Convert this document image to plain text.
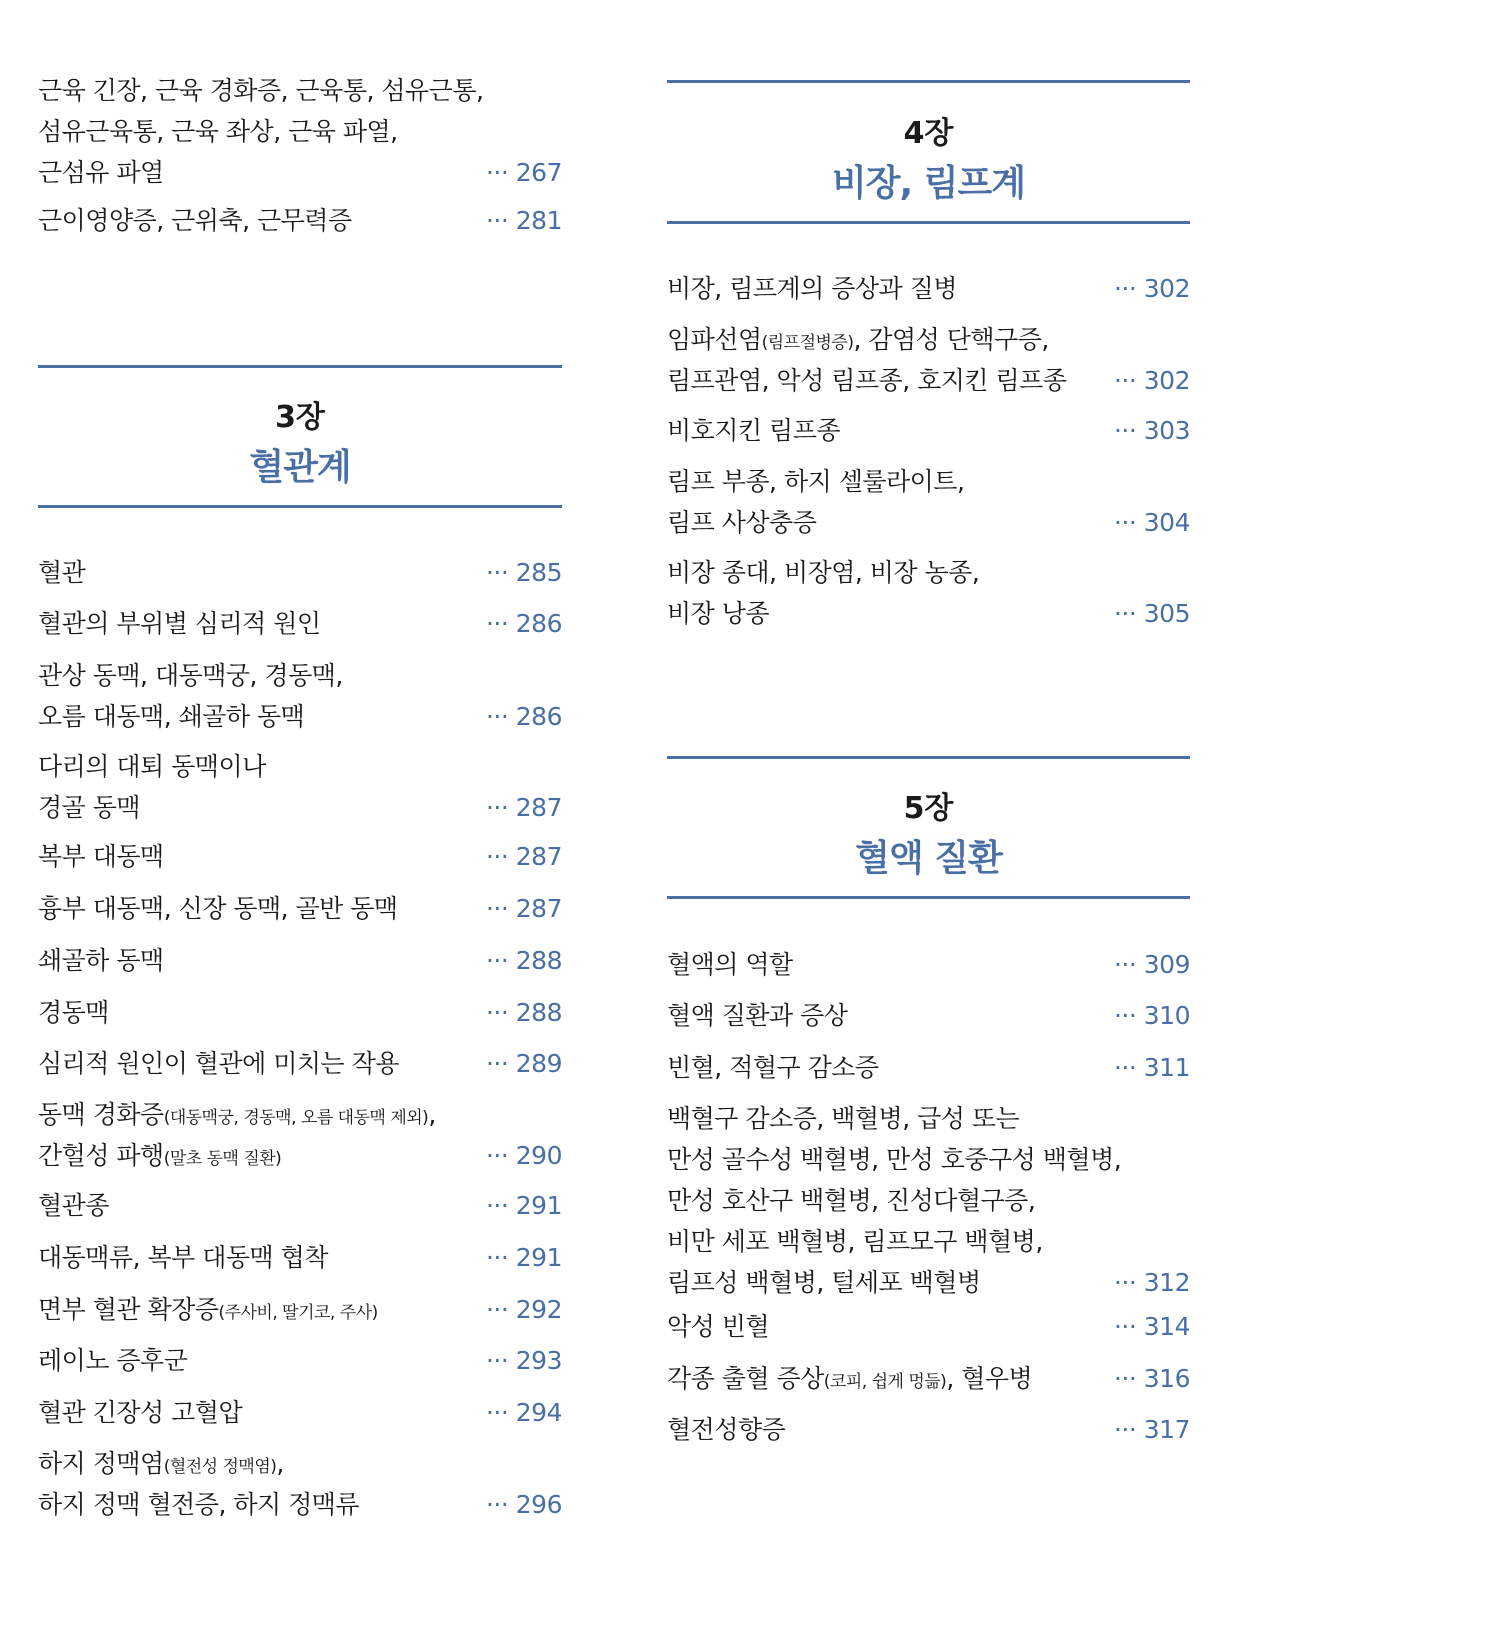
근육 긴장, 근육 경화증, 근육통, 섬유근통,
섬유근육통, 근육 좌상, 근육 파열,
근섬유 파열	··· 267
근이영양증, 근위축, 근무력증	··· 281
3장
혈관계
혈관	··· 285
혈관의 부위별 심리적 원인	··· 286
관상 동맥, 대동맥궁, 경동맥,
오름 대동맥, 쇄골하 동맥	··· 286
다리의 대퇴 동맥이나
경골 동맥	··· 287
복부 대동맥	··· 287
흉부 대동맥, 신장 동맥, 골반 동맥	··· 287
쇄골하 동맥	··· 288
경동맥	··· 288
심리적 원인이 혈관에 미치는 작용	··· 289
동맥 경화증(대동맥궁, 경동맥, 오름 대동맥 제외),
간헐성 파행(말초 동맥 질환)	··· 290
혈관종	··· 291
대동맥류, 복부 대동맥 협착	··· 291
면부 혈관 확장증(주사비, 딸기코, 주사)	··· 292
레이노 증후군	··· 293
혈관 긴장성 고혈압	··· 294
하지 정맥염(혈전성 정맥염),
하지 정맥 혈전증, 하지 정맥류	··· 296
4장
비장, 림프계
비장, 림프계의 증상과 질병	··· 302
임파선염(림프절병증), 감염성 단핵구증,
림프관염, 악성 림프종, 호지킨 림프종 ··· 302
비호지킨 림프종	··· 303
림프 부종, 하지 셀룰라이트,
림프 사상충증	··· 304
비장 종대, 비장염, 비장 농종,
비장 낭종	··· 305
5장
혈액 질환
혈액의 역할	··· 309
혈액 질환과 증상	··· 310
빈혈, 적혈구 감소증	··· 311
백혈구 감소증, 백혈병, 급성 또는
만성 골수성 백혈병, 만성 호중구성 백혈병,
만성 호산구 백혈병, 진성다혈구증,
비만 세포 백혈병, 림프모구 백혈병,
림프성 백혈병, 털세포 백혈병	··· 312
악성 빈혈	··· 314
각종 출혈 증상(코피, 쉽게 멍듦), 혈우병	··· 316
혈전성향증	··· 317
